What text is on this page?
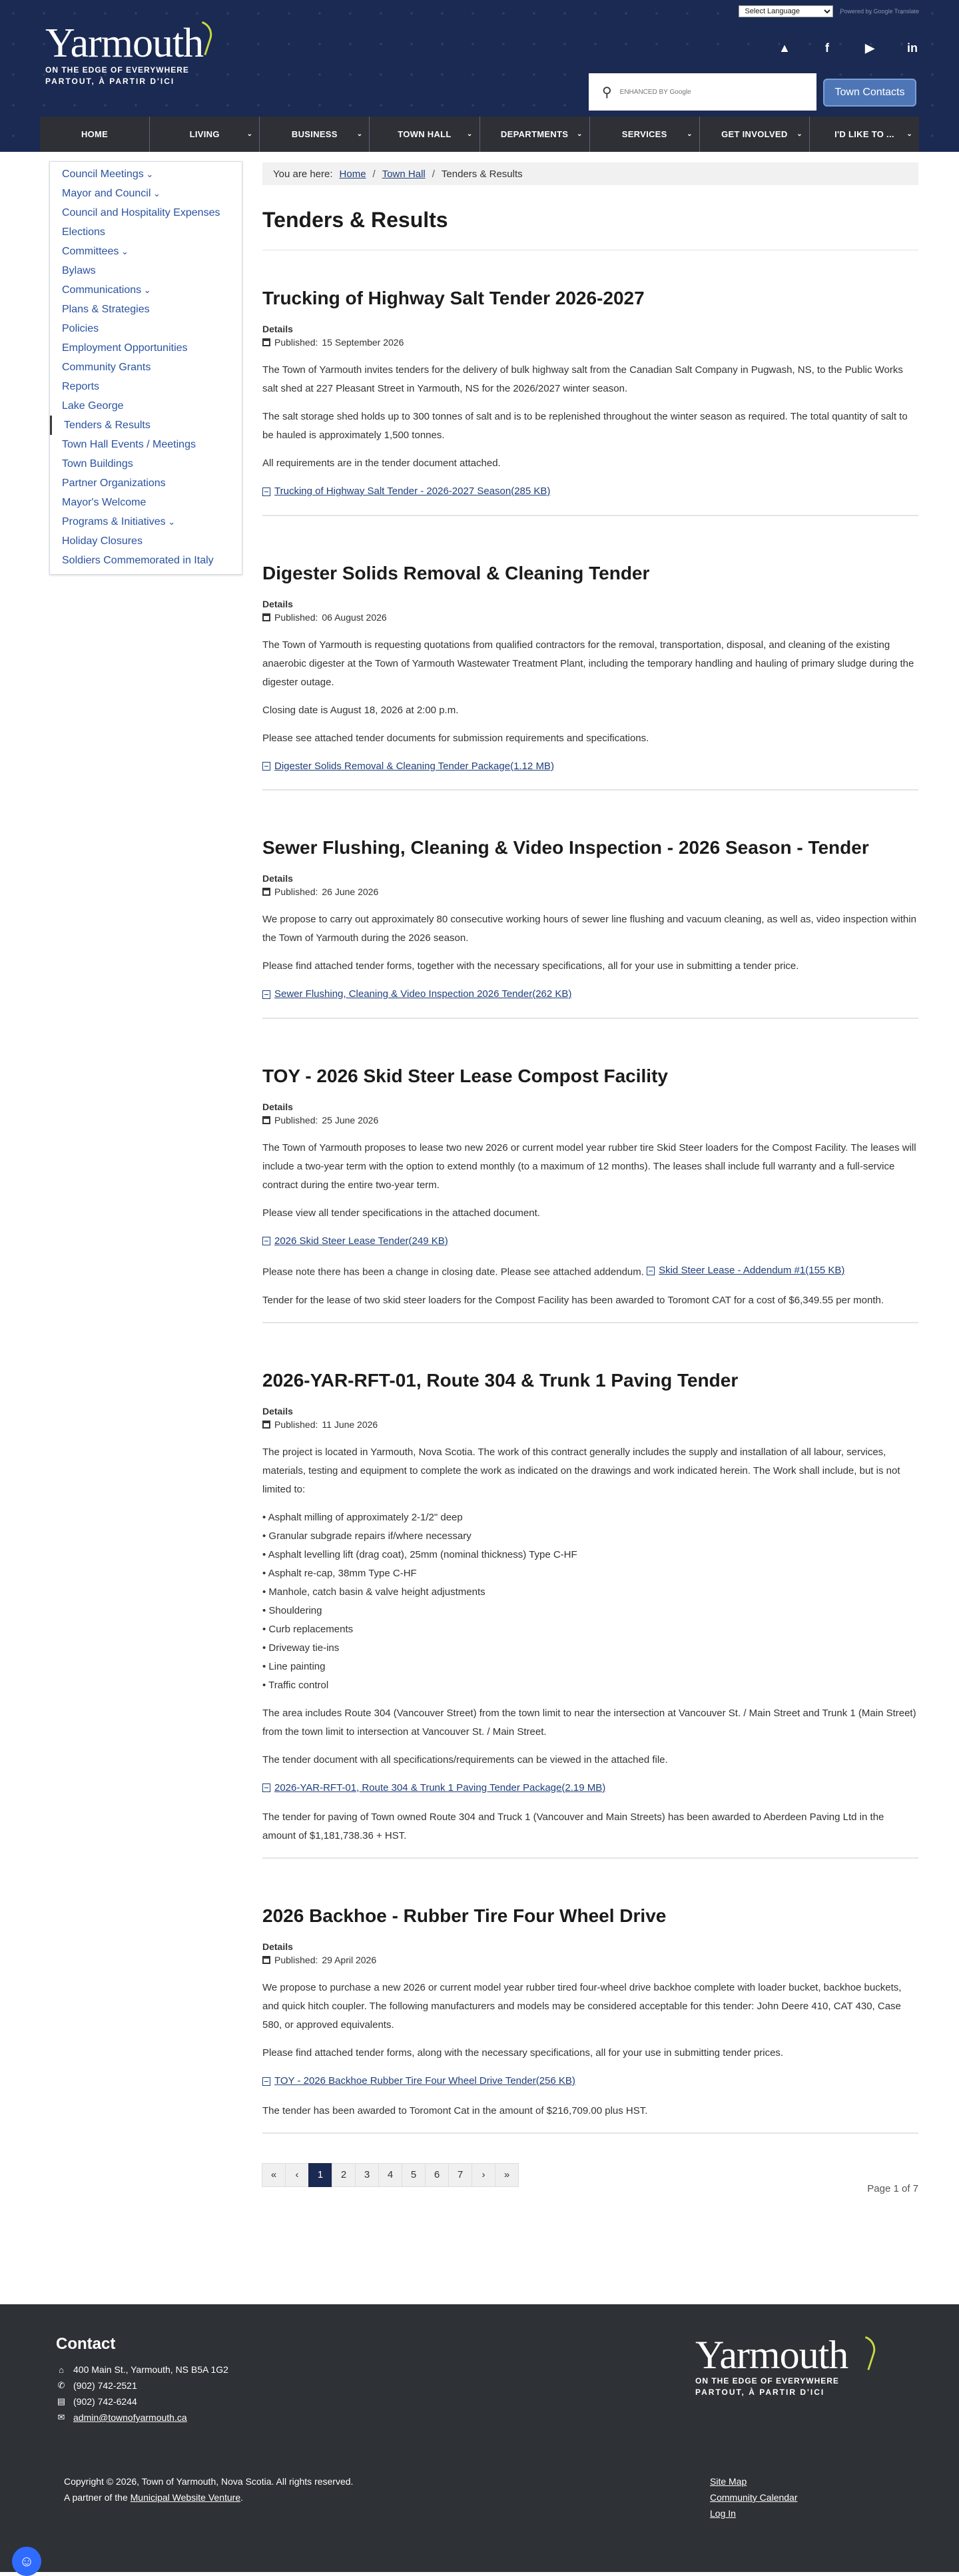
Select Language
Powered by Google Translate
▲	f	▶	in
Yarmouth
ON THE EDGE OF EVERYWHERE
PARTOUT, À PARTIR D'ICI
⚲
ENHANCED BY Google	Town Contacts
HOME	LIVING	⌄	BUSINESS	⌄	TOWN HALL ⌄	DEPARTMENTS ⌄	SERVICES	⌄	GET INVOLVED ⌄	I'D LIKE TO ... ⌄
Council Meetings ⌄
Mayor and Council ⌄
Council and Hospitality Expenses
Elections
Committees ⌄
Bylaws
Communications ⌄
Plans & Strategies
Policies
Employment Opportunities
Community Grants
Reports
Lake George
Tenders & Results
Town Hall Events / Meetings
Town Buildings
Partner Organizations
Mayor's Welcome
Programs & Initiatives ⌄
Holiday Closures
Soldiers Commemorated in Italy
You are here: Home / Town Hall / Tenders & Results
Tenders & Results
Trucking of Highway Salt Tender 2026-2027
Details
Published: 15 September 2026

The Town of Yarmouth invites tenders for the delivery of bulk highway salt from the Canadian Salt Company in Pugwash, NS, to the Public Works salt shed at 227 Pleasant Street in Yarmouth, NS for the 2026/2027 winter season.

The salt storage shed holds up to 300 tonnes of salt and is to be replenished throughout the winter season as required. The total quantity of salt to be hauled is approximately 1,500 tonnes.

All requirements are in the tender document attached.

Trucking of Highway Salt Tender - 2026-2027 Season(285 KB)

Digester Solids Removal & Cleaning Tender
Details
Published: 06 August 2026

The Town of Yarmouth is requesting quotations from qualified contractors for the removal, transportation, disposal, and cleaning of the existing anaerobic digester at the Town of Yarmouth Wastewater Treatment Plant, including the temporary handling and hauling of primary sludge during the digester outage.

Closing date is August 18, 2026 at 2:00 p.m.

Please see attached tender documents for submission requirements and specifications.

Digester Solids Removal & Cleaning Tender Package(1.12 MB)

Sewer Flushing, Cleaning & Video Inspection - 2026 Season - Tender
Details
Published: 26 June 2026

We propose to carry out approximately 80 consecutive working hours of sewer line flushing and vacuum cleaning, as well as, video inspection within the Town of Yarmouth during the 2026 season.

Please find attached tender forms, together with the necessary specifications, all for your use in submitting a tender price.

Sewer Flushing, Cleaning & Video Inspection 2026 Tender(262 KB)

TOY - 2026 Skid Steer Lease Compost Facility
Details
Published: 25 June 2026

The Town of Yarmouth proposes to lease two new 2026 or current model year rubber tire Skid Steer loaders for the Compost Facility. The leases will include a two-year term with the option to extend monthly (to a maximum of 12 months). The leases shall include full warranty and a full-service contract during the entire two-year term.

Please view all tender specifications in the attached document.

2026 Skid Steer Lease Tender(249 KB)

Please note there has been a change in closing date. Please see attached addendum. Skid Steer Lease - Addendum #1(155 KB)

Tender for the lease of two skid steer loaders for the Compost Facility has been awarded to Toromont CAT for a cost of $6,349.55 per month.

2026-YAR-RFT-01, Route 304 & Trunk 1 Paving Tender
Details
Published: 11 June 2026

The project is located in Yarmouth, Nova Scotia. The work of this contract generally includes the supply and installation of all labour, services, materials, testing and equipment to complete the work as indicated on the drawings and work indicated herein. The Work shall include, but is not limited to:

• Asphalt milling of approximately 2-1/2" deep
• Granular subgrade repairs if/where necessary
• Asphalt levelling lift (drag coat), 25mm (nominal thickness) Type C-HF
• Asphalt re-cap, 38mm Type C-HF
• Manhole, catch basin & valve height adjustments
• Shouldering
• Curb replacements
• Driveway tie-ins
• Line painting
• Traffic control

The area includes Route 304 (Vancouver Street) from the town limit to near the intersection at Vancouver St. / Main Street and Trunk 1 (Main Street) from the town limit to intersection at Vancouver St. / Main Street.

The tender document with all specifications/requirements can be viewed in the attached file.

2026-YAR-RFT-01, Route 304 & Trunk 1 Paving Tender Package(2.19 MB)

The tender for paving of Town owned Route 304 and Truck 1 (Vancouver and Main Streets) has been awarded to Aberdeen Paving Ltd in the amount of $1,181,738.36 + HST.

2026 Backhoe - Rubber Tire Four Wheel Drive
Details
Published: 29 April 2026

We propose to purchase a new 2026 or current model year rubber tired four-wheel drive backhoe complete with loader bucket, backhoe buckets, and quick hitch coupler. The following manufacturers and models may be considered acceptable for this tender: John Deere 410, CAT 430, Case 580, or approved equivalents.

Please find attached tender forms, along with the necessary specifications, all for your use in submitting tender prices.

TOY - 2026 Backhoe Rubber Tire Four Wheel Drive Tender(256 KB)

The tender has been awarded to Toromont Cat in the amount of $216,709.00 plus HST.

«	‹	1	2	3	4	5	6	7	›	»
Page 1 of 7
Contact
⌂ 400 Main St., Yarmouth, NS B5A 1G2
✆ (902) 742-2521
▤ (902) 742-6244
✉ admin@townofyarmouth.ca
Yarmouth
ON THE EDGE OF EVERYWHERE
PARTOUT, À PARTIR D'ICI
Copyright © 2026, Town of Yarmouth, Nova Scotia. All rights reserved.
A partner of the Municipal Website Venture.
Site Map
Community Calendar
Log In
☺
